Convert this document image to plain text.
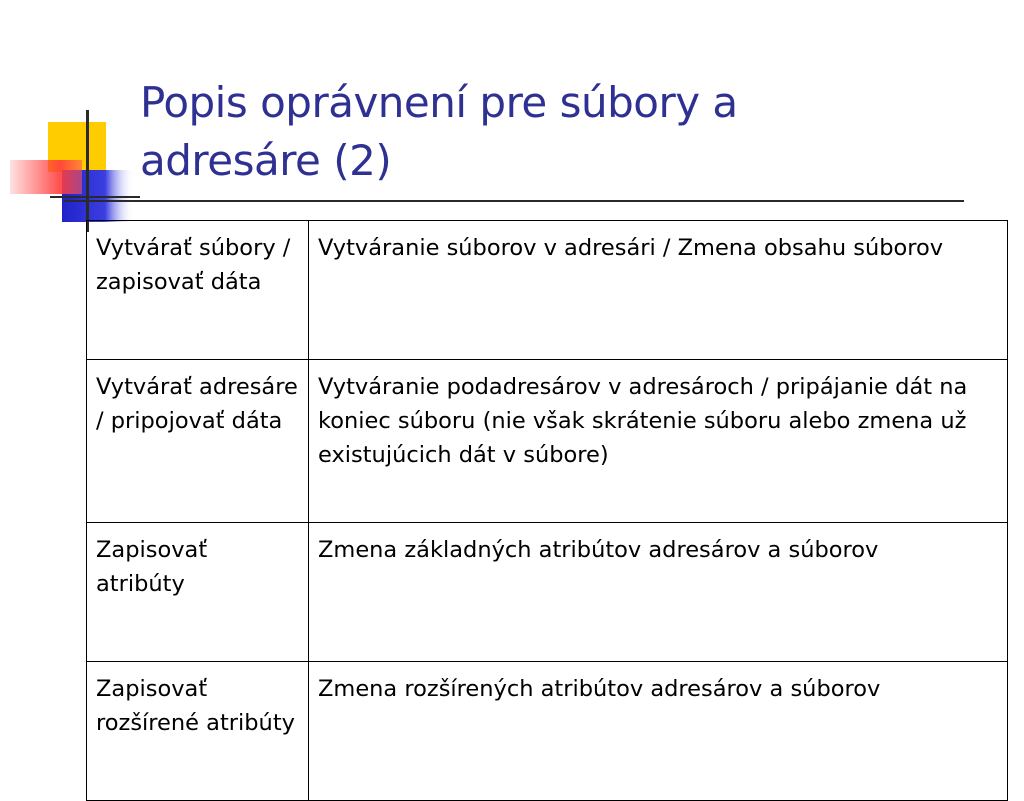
Popis oprávnení pre súbory a
adresáre (2)
Vytvárať súbory / zapisovať dáta	Vytváranie súborov v adresári / Zmena obsahu súborov
Vytvárať adresáre / pripojovať dáta	Vytváranie podadresárov v adresároch / pripájanie dát na koniec súboru (nie však skrátenie súboru alebo zmena už existujúcich dát v súbore)
Zapisovať atribúty	Zmena základných atribútov adresárov a súborov
Zapisovať rozšírené atribúty	Zmena rozšírených atribútov adresárov a súborov
